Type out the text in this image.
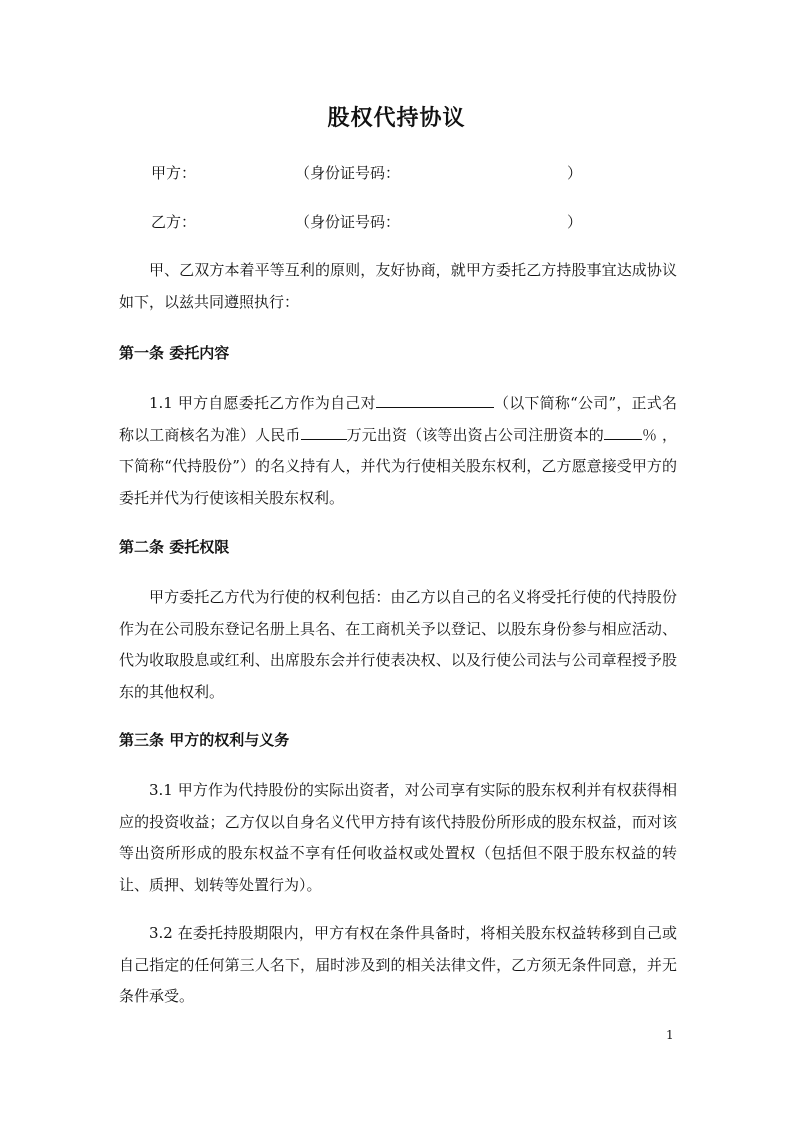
股权代持协议
甲方：	（身份证号码：	）
乙方：	（身份证号码：	）

甲、乙双方本着平等互利的原则，友好协商，就甲方委托乙方持股事宜达成协议如下，以兹共同遵照执行：

第一条 委托内容

1.1 甲方自愿委托乙方作为自己对	（以下简称“公司”，正式名称以工商核名为准）人民币	万元出资（该等出资占公司注册资本的	％ ，下简称“代持股份”）的名义持有人，并代为行使相关股东权利，乙方愿意接受甲方的委托并代为行使该相关股东权利。

第二条 委托权限

甲方委托乙方代为行使的权利包括：由乙方以自己的名义将受托行使的代持股份作为在公司股东登记名册上具名、在工商机关予以登记、以股东身份参与相应活动、代为收取股息或红利、出席股东会并行使表决权、以及行使公司法与公司章程授予股东的其他权利。

第三条 甲方的权利与义务

3.1 甲方作为代持股份的实际出资者，对公司享有实际的股东权利并有权获得相应的投资收益；乙方仅以自身名义代甲方持有该代持股份所形成的股东权益，而对该等出资所形成的股东权益不享有任何收益权或处置权（包括但不限于股东权益的转让、质押、划转等处置行为）。

3.2 在委托持股期限内，甲方有权在条件具备时，将相关股东权益转移到自己或自己指定的任何第三人名下，届时涉及到的相关法律文件，乙方须无条件同意，并无条件承受。

1
